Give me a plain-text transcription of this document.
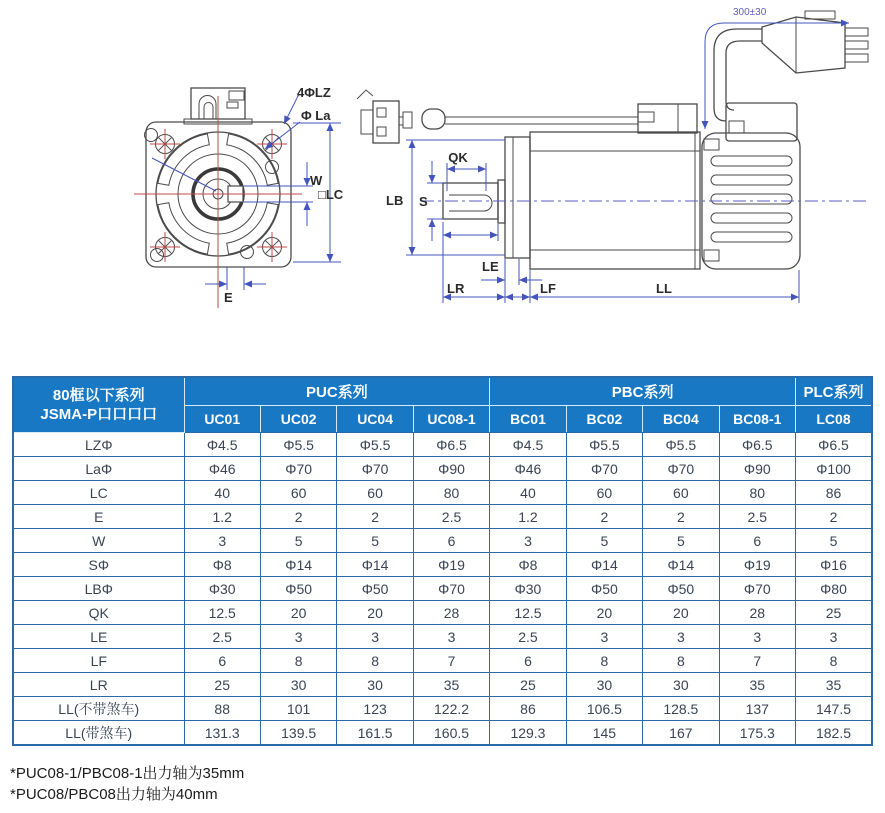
4ΦLZ
Φ La
W
□LC
E
300±30
QK
LB S
LE
LR	LF	LL
80框以下系列
JSMA-P口口口口	PUC系列				PBC系列				PLC系列
	UC01	UC02	UC04	UC08-1	BC01	BC02	BC04	BC08-1	LC08
LZΦ	Φ4.5	Φ5.5	Φ5.5	Φ6.5	Φ4.5	Φ5.5	Φ5.5	Φ6.5	Φ6.5
LaΦ	Φ46	Φ70	Φ70	Φ90	Φ46	Φ70	Φ70	Φ90	Φ100
LC	40	60	60	80	40	60	60	80	86
E	1.2	2	2	2.5	1.2	2	2	2.5	2
W	3	5	5	6	3	5	5	6	5
SΦ	Φ8	Φ14	Φ14	Φ19	Φ8	Φ14	Φ14	Φ19	Φ16
LBΦ	Φ30	Φ50	Φ50	Φ70	Φ30	Φ50	Φ50	Φ70	Φ80
QK	12.5	20	20	28	12.5	20	20	28	25
LE	2.5	3	3	3	2.5	3	3	3	3
LF	6	8	8	7	6	8	8	7	8
LR	25	30	30	35	25	30	30	35	35
LL(不带煞车)	88	101	123	122.2	86	106.5	128.5	137	147.5
LL(带煞车)	131.3	139.5	161.5	160.5	129.3	145	167	175.3	182.5
*PUC08-1/PBC08-1出力轴为35mm
*PUC08/PBC08出力轴为40mm
